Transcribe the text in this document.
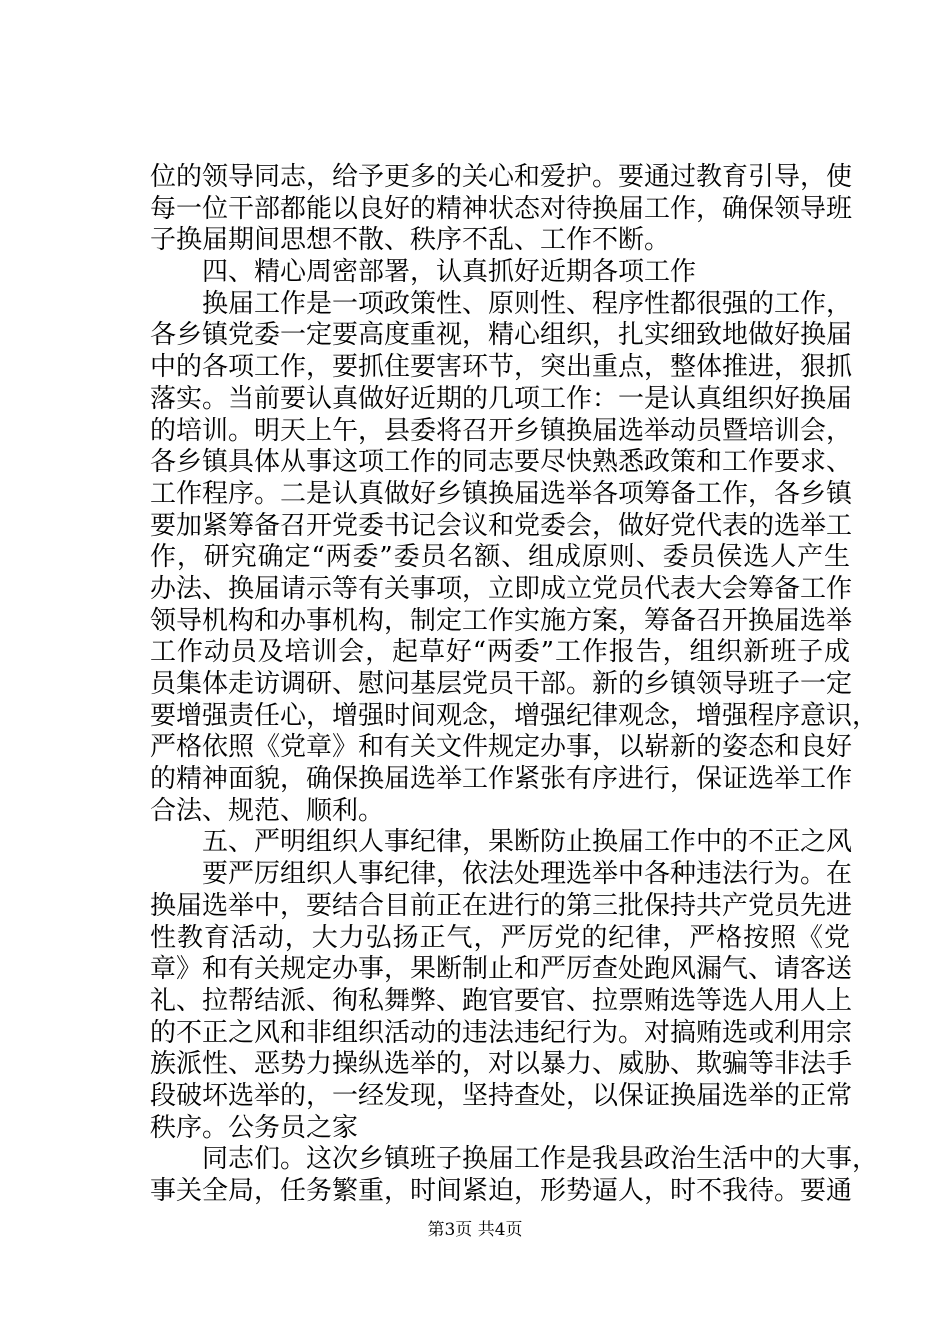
位的领导同志，给予更多的关心和爱护。要通过教育引导，使
每一位干部都能以良好的精神状态对待换届工作，确保领导班
子换届期间思想不散、秩序不乱、工作不断。
　　四、精心周密部署，认真抓好近期各项工作
　　换届工作是一项政策性、原则性、程序性都很强的工作，
各乡镇党委一定要高度重视，精心组织，扎实细致地做好换届
中的各项工作，要抓住要害环节，突出重点，整体推进，狠抓
落实。当前要认真做好近期的几项工作：一是认真组织好换届
的培训。明天上午，县委将召开乡镇换届选举动员暨培训会，
各乡镇具体从事这项工作的同志要尽快熟悉政策和工作要求、
工作程序。二是认真做好乡镇换届选举各项筹备工作，各乡镇
要加紧筹备召开党委书记会议和党委会，做好党代表的选举工
作，研究确定“两委”委员名额、组成原则、委员侯选人产生
办法、换届请示等有关事项，立即成立党员代表大会筹备工作
领导机构和办事机构，制定工作实施方案，筹备召开换届选举
工作动员及培训会，起草好“两委”工作报告，组织新班子成
员集体走访调研、慰问基层党员干部。新的乡镇领导班子一定
要增强责任心，增强时间观念，增强纪律观念，增强程序意识，
严格依照《党章》和有关文件规定办事，以崭新的姿态和良好
的精神面貌，确保换届选举工作紧张有序进行，保证选举工作
合法、规范、顺利。
　　五、严明组织人事纪律，果断防止换届工作中的不正之风
　　要严厉组织人事纪律，依法处理选举中各种违法行为。在
换届选举中，要结合目前正在进行的第三批保持共产党员先进
性教育活动，大力弘扬正气，严厉党的纪律，严格按照《党
章》和有关规定办事，果断制止和严厉查处跑风漏气、请客送
礼、拉帮结派、徇私舞弊、跑官要官、拉票贿选等选人用人上
的不正之风和非组织活动的违法违纪行为。对搞贿选或利用宗
族派性、恶势力操纵选举的，对以暴力、威胁、欺骗等非法手
段破坏选举的，一经发现，坚持查处，以保证换届选举的正常
秩序。公务员之家
　　同志们。这次乡镇班子换届工作是我县政治生活中的大事，
事关全局，任务繁重，时间紧迫，形势逼人，时不我待。要通
第3页 共4页
